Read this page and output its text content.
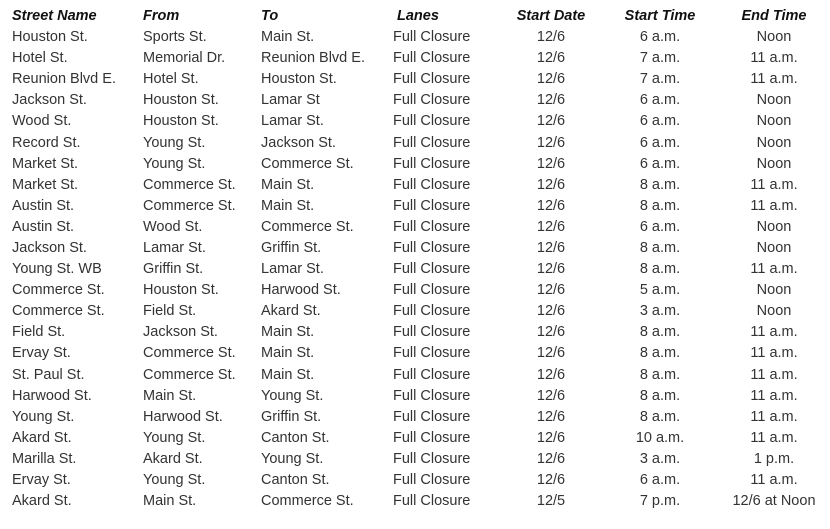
Street Name	From	To	Lanes	Start Date	Start Time	End Time
Houston St.	Sports St.	Main St.	Full Closure	12/6	6 a.m.	Noon
Hotel St.	Memorial Dr.	Reunion Blvd E.	Full Closure	12/6	7 a.m.	11 a.m.
Reunion Blvd E.	Hotel St.	Houston St.	Full Closure	12/6	7 a.m.	11 a.m.
Jackson St.	Houston St.	Lamar St	Full Closure	12/6	6 a.m.	Noon
Wood St.	Houston St.	Lamar St.	Full Closure	12/6	6 a.m.	Noon
Record St.	Young St.	Jackson St.	Full Closure	12/6	6 a.m.	Noon
Market St.	Young St.	Commerce St.	Full Closure	12/6	6 a.m.	Noon
Market St.	Commerce St.	Main St.	Full Closure	12/6	8 a.m.	11 a.m.
Austin St.	Commerce St.	Main St.	Full Closure	12/6	8 a.m.	11 a.m.
Austin St.	Wood St.	Commerce St.	Full Closure	12/6	6 a.m.	Noon
Jackson St.	Lamar St.	Griffin St.	Full Closure	12/6	8 a.m.	Noon
Young St. WB	Griffin St.	Lamar St.	Full Closure	12/6	8 a.m.	11 a.m.
Commerce St.	Houston St.	Harwood St.	Full Closure	12/6	5 a.m.	Noon
Commerce St.	Field St.	Akard St.	Full Closure	12/6	3 a.m.	Noon
Field St.	Jackson St.	Main St.	Full Closure	12/6	8 a.m.	11 a.m.
Ervay St.	Commerce St.	Main St.	Full Closure	12/6	8 a.m.	11 a.m.
St. Paul St.	Commerce St.	Main St.	Full Closure	12/6	8 a.m.	11 a.m.
Harwood St.	Main St.	Young St.	Full Closure	12/6	8 a.m.	11 a.m.
Young St.	Harwood St.	Griffin St.	Full Closure	12/6	8 a.m.	11 a.m.
Akard St.	Young St.	Canton St.	Full Closure	12/6	10 a.m.	11 a.m.
Marilla St.	Akard St.	Young St.	Full Closure	12/6	3 a.m.	1 p.m.
Ervay St.	Young St.	Canton St.	Full Closure	12/6	6 a.m.	11 a.m.
Akard St.	Main St.	Commerce St.	Full Closure	12/5	7 p.m.	12/6 at Noon
